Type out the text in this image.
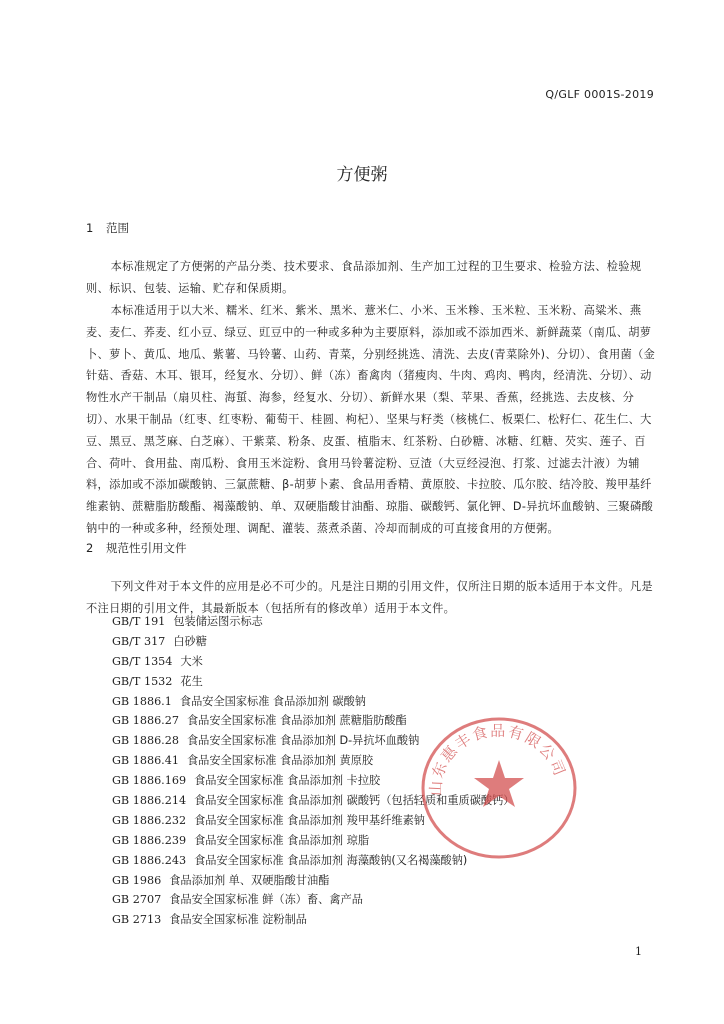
Q/GLF 0001S-2019
方便粥
1 范围

本标准规定了方便粥的产品分类、技术要求、食品添加剂、生产加工过程的卫生要求、检验方法、检验规则、标识、包装、运输、贮存和保质期。

本标准适用于以大米、糯米、红米、紫米、黑米、薏米仁、小米、玉米糁、玉米粒、玉米粉、高粱米、燕麦、麦仁、荞麦、红小豆、绿豆、豇豆中的一种或多种为主要原料，添加或不添加西米、新鲜蔬菜（南瓜、胡萝卜、萝卜、黄瓜、地瓜、紫薯、马铃薯、山药、青菜，分别经挑选、清洗、去皮(青菜除外)、分切）、食用菌（金针菇、香菇、木耳、银耳，经复水、分切）、鲜（冻）畜禽肉（猪瘦肉、牛肉、鸡肉、鸭肉，经清洗、分切）、动物性水产干制品（扇贝柱、海蜇、海参，经复水、分切）、新鲜水果（梨、苹果、香蕉，经挑选、去皮核、分切）、水果干制品（红枣、红枣粉、葡萄干、桂圆、枸杞）、坚果与籽类（核桃仁、板栗仁、松籽仁、花生仁、大豆、黑豆、黑芝麻、白芝麻）、干紫菜、粉条、皮蛋、植脂末、红茶粉、白砂糖、冰糖、红糖、芡实、莲子、百合、荷叶、食用盐、南瓜粉、食用玉米淀粉、食用马铃薯淀粉、豆渣（大豆经浸泡、打浆、过滤去汁液）为辅料，添加或不添加碳酸钠、三氯蔗糖、β-胡萝卜素、食品用香精、黄原胶、卡拉胶、瓜尔胶、结冷胶、羧甲基纤维素钠、蔗糖脂肪酸酯、褐藻酸钠、单、双硬脂酸甘油酯、琼脂、碳酸钙、氯化钾、D-异抗坏血酸钠、三聚磷酸钠中的一种或多种，经预处理、调配、灌装、蒸煮杀菌、冷却而制成的可直接食用的方便粥。

2 规范性引用文件

下列文件对于本文件的应用是必不可少的。凡是注日期的引用文件，仅所注日期的版本适用于本文件。凡是不注日期的引用文件，其最新版本（包括所有的修改单）适用于本文件。

GB/T 191 包装储运图示标志
GB/T 317 白砂糖
GB/T 1354 大米
GB/T 1532 花生
GB 1886.1 食品安全国家标准 食品添加剂 碳酸钠
GB 1886.27 食品安全国家标准 食品添加剂 蔗糖脂肪酸酯
GB 1886.28 食品安全国家标准 食品添加剂 D-异抗坏血酸钠
GB 1886.41 食品安全国家标准 食品添加剂 黄原胶
GB 1886.169 食品安全国家标准 食品添加剂 卡拉胶
GB 1886.214 食品安全国家标准 食品添加剂 碳酸钙（包括轻质和重质碳酸钙）
GB 1886.232 食品安全国家标准 食品添加剂 羧甲基纤维素钠
GB 1886.239 食品安全国家标准 食品添加剂 琼脂
GB 1886.243 食品安全国家标准 食品添加剂 海藻酸钠(又名褐藻酸钠)
GB 1986 食品添加剂 单、双硬脂酸甘油酯
GB 2707 食品安全国家标准 鲜（冻）畜、禽产品
GB 2713 食品安全国家标准 淀粉制品
山东惠丰食品有限公司
1
